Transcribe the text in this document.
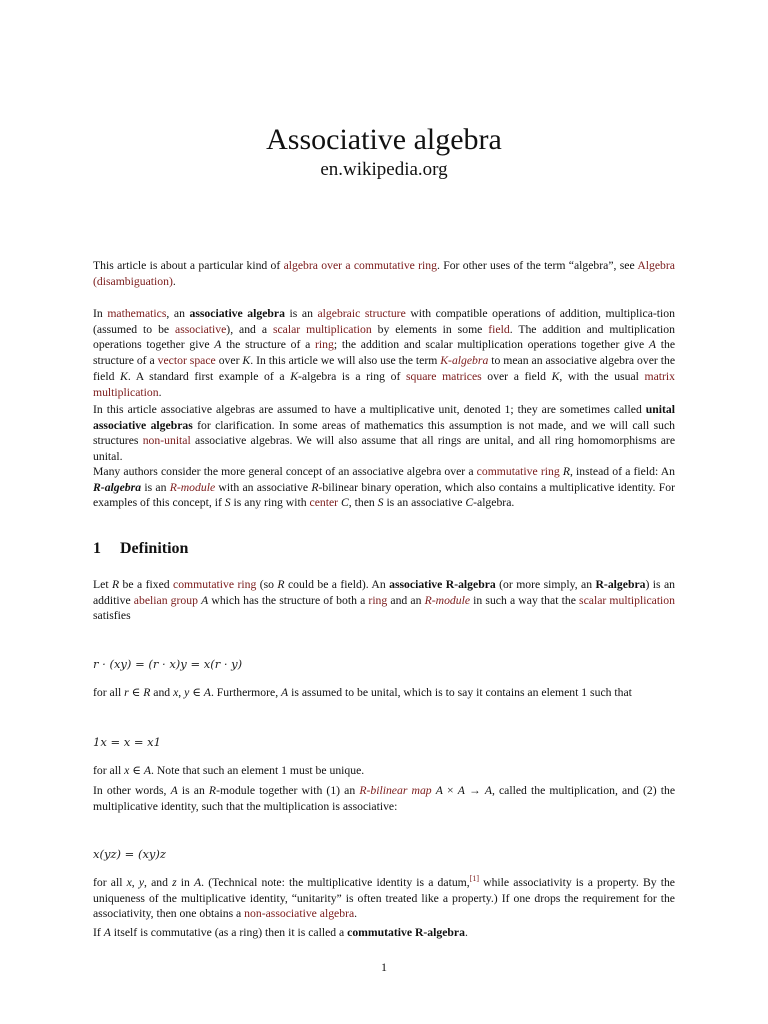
Associative algebra
en.wikipedia.org

This article is about a particular kind of algebra over a commutative ring. For other uses of the term “algebra”, see Algebra (disambiguation).

In mathematics, an associative algebra is an algebraic structure with compatible operations of addition, multiplica-tion (assumed to be associative), and a scalar multiplication by elements in some field. The addition and multiplication operations together give A the structure of a ring; the addition and scalar multiplication operations together give A the structure of a vector space over K. In this article we will also use the term K-algebra to mean an associative algebra over the field K. A standard first example of a K-algebra is a ring of square matrices over a field K, with the usual matrix multiplication.

In this article associative algebras are assumed to have a multiplicative unit, denoted 1; they are sometimes called unital associative algebras for clarification. In some areas of mathematics this assumption is not made, and we will call such structures non-unital associative algebras. We will also assume that all rings are unital, and all ring homomorphisms are unital.

Many authors consider the more general concept of an associative algebra over a commutative ring R, instead of a field: An R-algebra is an R-module with an associative R-bilinear binary operation, which also contains a multiplicative identity. For examples of this concept, if S is any ring with center C, then S is an associative C-algebra.

1 Definition

Let R be a fixed commutative ring (so R could be a field). An associative R-algebra (or more simply, an R-algebra) is an additive abelian group A which has the structure of both a ring and an R-module in such a way that the scalar multiplication satisfies

r · (xy) = (r · x)y = x(r · y)

for all r ∈ R and x, y ∈ A. Furthermore, A is assumed to be unital, which is to say it contains an element 1 such that

1x = x = x1

for all x ∈ A. Note that such an element 1 must be unique.

In other words, A is an R-module together with (1) an R-bilinear map A × A → A, called the multiplication, and (2) the multiplicative identity, such that the multiplication is associative:

x(yz) = (xy)z

for all x, y, and z in A. (Technical note: the multiplicative identity is a datum,[1] while associativity is a property. By the uniqueness of the multiplicative identity, “unitarity” is often treated like a property.) If one drops the requirement for the associativity, then one obtains a non-associative algebra.

If A itself is commutative (as a ring) then it is called a commutative R-algebra.

1
